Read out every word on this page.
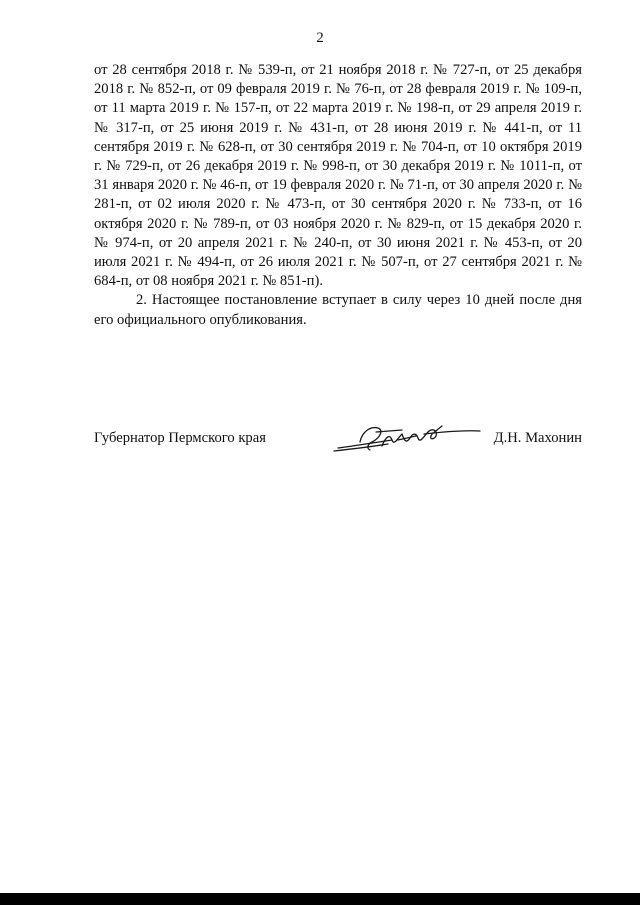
2

от 28 сентября 2018 г. № 539-п, от 21 ноября 2018 г. № 727-п, от 25 декабря 2018 г. № 852-п, от 09 февраля 2019 г. № 76-п, от 28 февраля 2019 г. № 109-п, от 11 марта 2019 г. № 157-п, от 22 марта 2019 г. № 198-п, от 29 апреля 2019 г. № 317-п, от 25 июня 2019 г. № 431-п, от 28 июня 2019 г. № 441-п, от 11 сентября 2019 г. № 628-п, от 30 сентября 2019 г. № 704-п, от 10 октября 2019 г. № 729-п, от 26 декабря 2019 г. № 998-п, от 30 декабря 2019 г. № 1011-п, от 31 января 2020 г. № 46-п, от 19 февраля 2020 г. № 71-п, от 30 апреля 2020 г. № 281-п, от 02 июля 2020 г. № 473-п, от 30 сентября 2020 г. № 733-п, от 16 октября 2020 г. № 789-п, от 03 ноября 2020 г. № 829-п, от 15 декабря 2020 г. № 974-п, от 20 апреля 2021 г. № 240-п, от 30 июня 2021 г. № 453-п, от 20 июля 2021 г. № 494-п, от 26 июля 2021 г. № 507-п, от 27 сентября 2021 г. № 684-п, от 08 ноября 2021 г. № 851-п).

2. Настоящее постановление вступает в силу через 10 дней после дня его официального опубликования.

Губернатор Пермского края	Д.Н. Махонин
